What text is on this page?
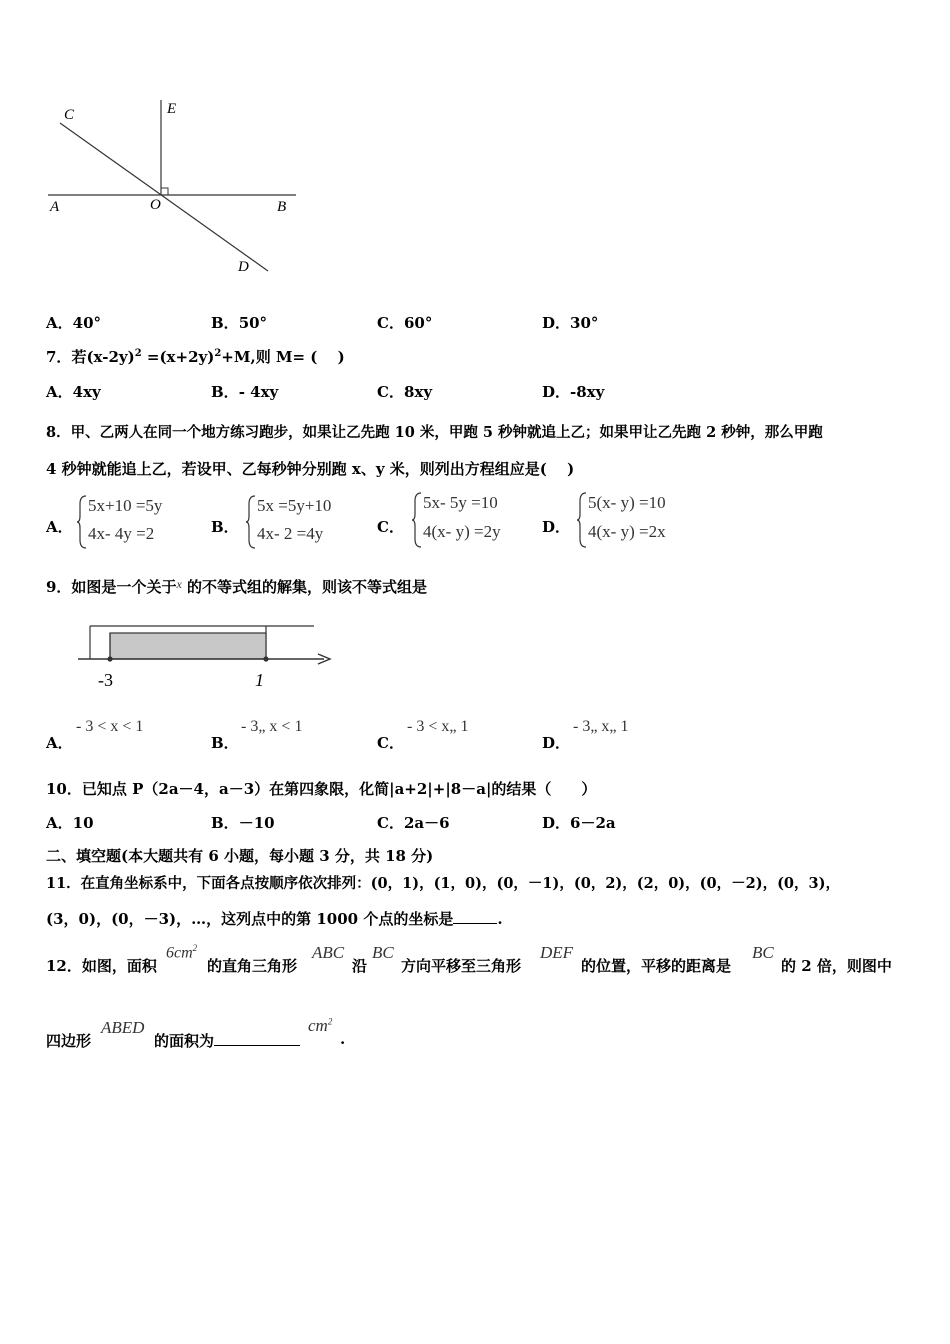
A	O	B
C	E
D
A．40°	B．50°	C．60°	D．30°
7．若$(x-2y)^2 =(x+2y)^2+M$,则 M= (　 )
A．4xy	B．- 4xy	C．8xy	D．-8xy
8．甲、乙两人在同一个地方练习跑步，如果让乙先跑 10 米，甲跑 5 秒钟就追上乙；如果甲让乙先跑 2 秒钟，那么甲跑
4 秒钟就能追上乙，若设甲、乙每秒钟分别跑 x、y 米，则列出方程组应是(　 )
A．
5x+10 =5y
4x- 4y =2	B．
5x =5y+10
4x- 2 =4y	C．
5x- 5y =10
4(x- y) =2y	D．
5(x- y) =10
4(x- y) =2x
9．如图是一个关于$^x$ 的不等式组的解集，则该不等式组是
-3	1
A．
- 3 < x < 1
B．
- 3„ x < 1
C．
- 3 < x„ 1
D．
- 3„ x„ 1
10．已知点 P（2a－4，a－3）在第四象限，化简|a+2|+|8－a|的结果（　　）
A．10	B．－10	C．2a－6	D．6－2a
二、填空题(本大题共有 6 小题，每小题 3 分，共 18 分)
11．在直角坐标系中，下面各点按顺序依次排列：(0，1)，(1，0)，(0，－1)，(0，2)，(2，0)，(0，－2)，(0，3)，
(3，0)，(0，－3)，…，这列点中的第 1000 个点的坐标是	.
12．如图，面积
$6cm^2$
的直角三角形
ABC
沿
BC
方向平移至三角形
DEF
的位置，平移的距离是
BC
的 2 倍，则图中
四边形
ABED
的面积为
$cm^2$
.
